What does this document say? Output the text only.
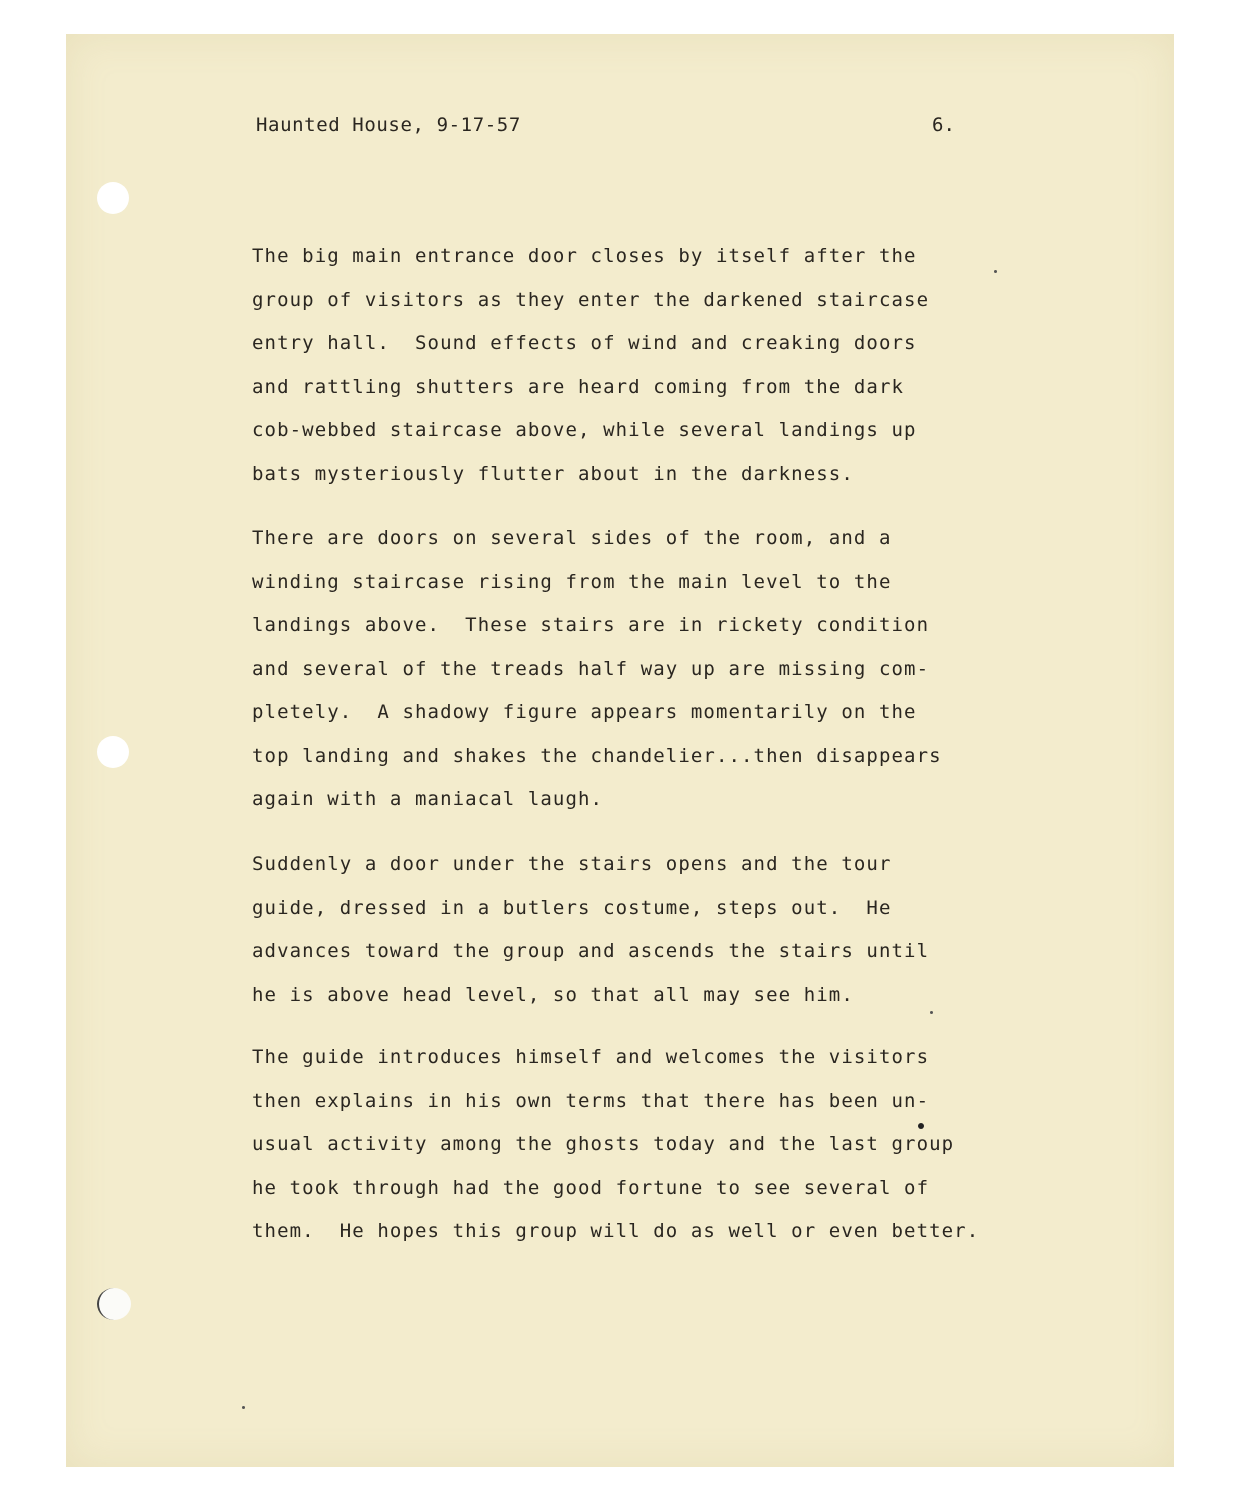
Haunted House, 9-17-57	6.
The big main entrance door closes by itself after the
group of visitors as they enter the darkened staircase
entry hall.  Sound effects of wind and creaking doors
and rattling shutters are heard coming from the dark
cob-webbed staircase above, while several landings up
bats mysteriously flutter about in the darkness.
There are doors on several sides of the room, and a
winding staircase rising from the main level to the
landings above.  These stairs are in rickety condition
and several of the treads half way up are missing com-
pletely.  A shadowy figure appears momentarily on the
top landing and shakes the chandelier...then disappears
again with a maniacal laugh.
Suddenly a door under the stairs opens and the tour
guide, dressed in a butlers costume, steps out.  He
advances toward the group and ascends the stairs until
he is above head level, so that all may see him.
The guide introduces himself and welcomes the visitors
then explains in his own terms that there has been un-
usual activity among the ghosts today and the last group
he took through had the good fortune to see several of
them.  He hopes this group will do as well or even better.
